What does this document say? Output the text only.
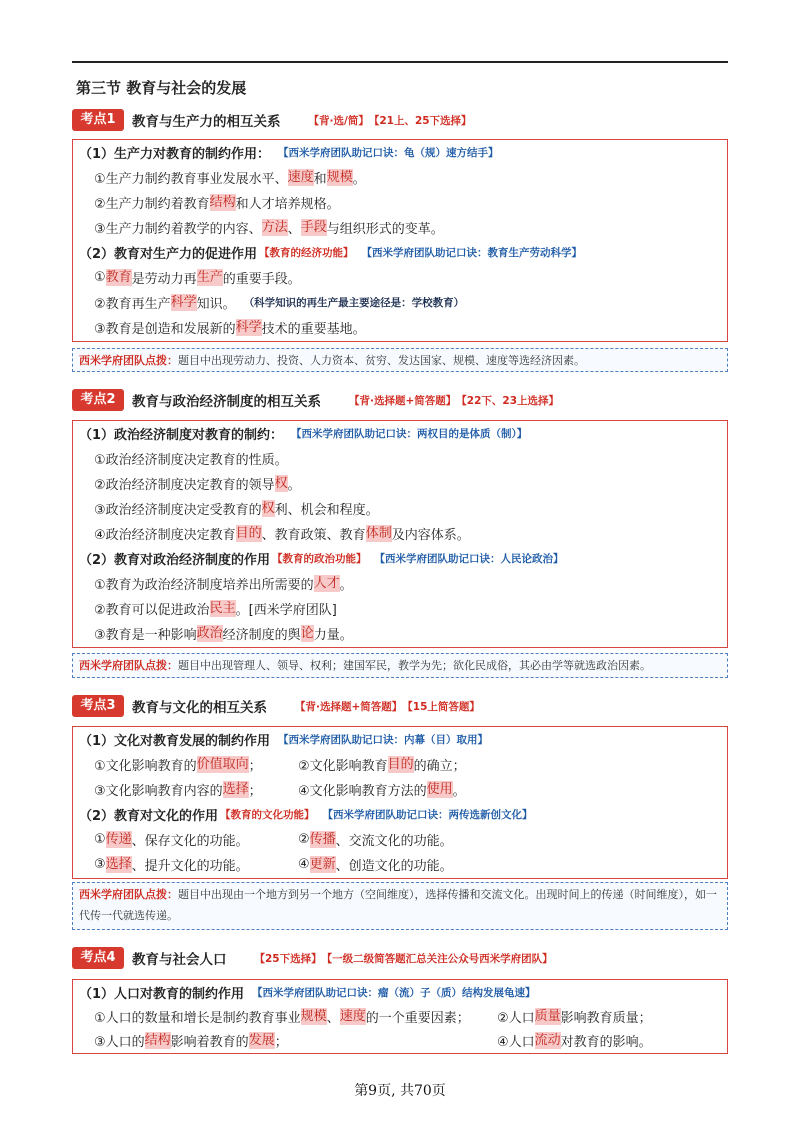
第三节 教育与社会的发展
考点1	教育与生产力的相互关系	【背·选/简】 【21上、25下选择】
（1）生产力对教育的制约作用： 【西米学府团队助记口诀：龟（规）速方结手】
①生产力制约教育事业发展水平、 速度 和 规模 。
②生产力制约着教育 结构 和人才培养规格。
③生产力制约着教学的内容、 方法 、 手段 与组织形式的变革。
（2）教育对生产力的促进作用 【教育的经济功能】 【西米学府团队助记口诀：教育生产劳动科学】
① 教育 是劳动力再 生产 的重要手段。
②教育再生产 科学 知识。 （科学知识的再生产最主要途径是：学校教育）
③教育是创造和发展新的 科学 技术的重要基地。
西米学府团队点拨：题目中出现劳动力、投资、人力资本、贫穷、发达国家、规模、速度等选经济因素。
考点2	教育与政治经济制度的相互关系	【背·选择题+简答题】 【22下、23上选择】
（1）政治经济制度对教育的制约： 【西米学府团队助记口诀：两权目的是体质（制）】
①政治经济制度决定教育的性质。
②政治经济制度决定教育的领导 权 。
③政治经济制度决定受教育的 权 利、机会和程度。
④政治经济制度决定教育 目的 、教育政策、教育 体制 及内容体系。
（2）教育对政治经济制度的作用 【教育的政治功能】 【西米学府团队助记口诀：人民论政治】
①教育为政治经济制度培养出所需要的 人才 。
②教育可以促进政治 民主 。[西米学府团队]
③教育是一种影响 政治 经济制度的舆 论 力量。
西米学府团队点拨：题目中出现管理人、领导、权利；建国军民，教学为先；欲化民成俗，其必由学等就选政治因素。
考点3	教育与文化的相互关系	【背·选择题+简答题】 【15上简答题】
（1）文化对教育发展的制约作用 【西米学府团队助记口诀：内幕（目）取用】
①文化影响教育的 价值取向 ；	②文化影响教育 目的 的确立；
③文化影响教育内容的 选择 ；	④文化影响教育方法的 使用 。
（2）教育对文化的作用 【教育的文化功能】 【西米学府团队助记口诀：两传选新创文化】
① 传递 、保存文化的功能。	② 传播 、交流文化的功能。
③ 选择 、提升文化的功能。	④ 更新 、创造文化的功能。
西米学府团队点拨：题目中出现由一个地方到另一个地方（空间维度），选择传播和交流文化。出现时间上的传递（时间维度），如一代传一代就选传递。
考点4	教育与社会人口	【25下选择】 【一级二级简答题汇总关注公众号西米学府团队】
（1）人口对教育的制约作用 【西米学府团队助记口诀：瘤（流）子（质）结构发展龟速】
①人口的数量和增长是制约教育事业 规模 、 速度 的一个重要因素； ②人口 质量 影响教育质量；
③人口的 结构 影响着教育的 发展 ；	④人口 流动 对教育的影响。
第9页, 共70页
